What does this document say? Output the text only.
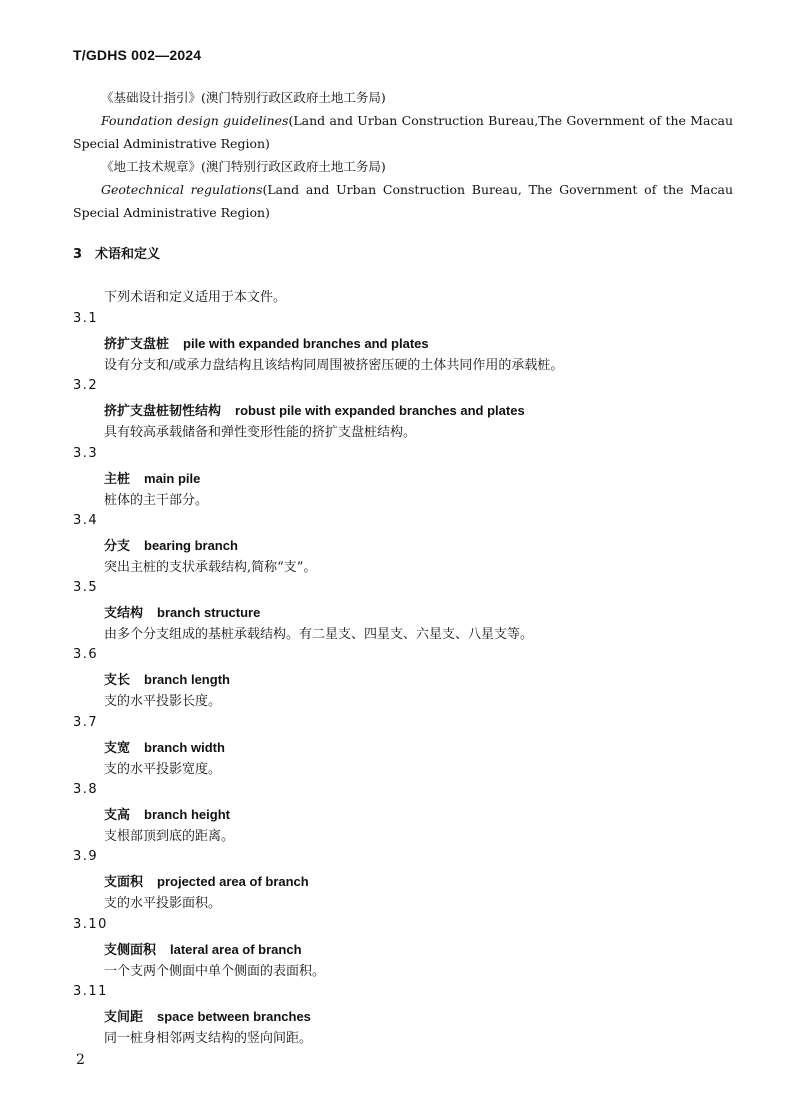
T/GDHS 002—2024
《基础设计指引》(澳门特别行政区政府土地工务局)
Foundation design guidelines(Land and Urban Construction Bureau,The Government of the Macau Special Administrative Region)
《地工技术规章》(澳门特别行政区政府土地工务局)
Geotechnical regulations(Land and Urban Construction Bureau, The Government of the Macau Special Administrative Region)
3 术语和定义
下列术语和定义适用于本文件。
3.1
挤扩支盘桩 pile with expanded branches and plates
设有分支和/或承力盘结构且该结构同周围被挤密压硬的土体共同作用的承载桩。
3.2
挤扩支盘桩韧性结构 robust pile with expanded branches and plates
具有较高承载储备和弹性变形性能的挤扩支盘桩结构。
3.3
主桩 main pile
桩体的主干部分。
3.4
分支 bearing branch
突出主桩的支状承载结构,简称“支”。
3.5
支结构 branch structure
由多个分支组成的基桩承载结构。有二星支、四星支、六星支、八星支等。
3.6
支长 branch length
支的水平投影长度。
3.7
支宽 branch width
支的水平投影宽度。
3.8
支高 branch height
支根部顶到底的距离。
3.9
支面积 projected area of branch
支的水平投影面积。
3.10
支侧面积 lateral area of branch
一个支两个侧面中单个侧面的表面积。
3.11
支间距 space between branches
同一桩身相邻两支结构的竖向间距。
2
